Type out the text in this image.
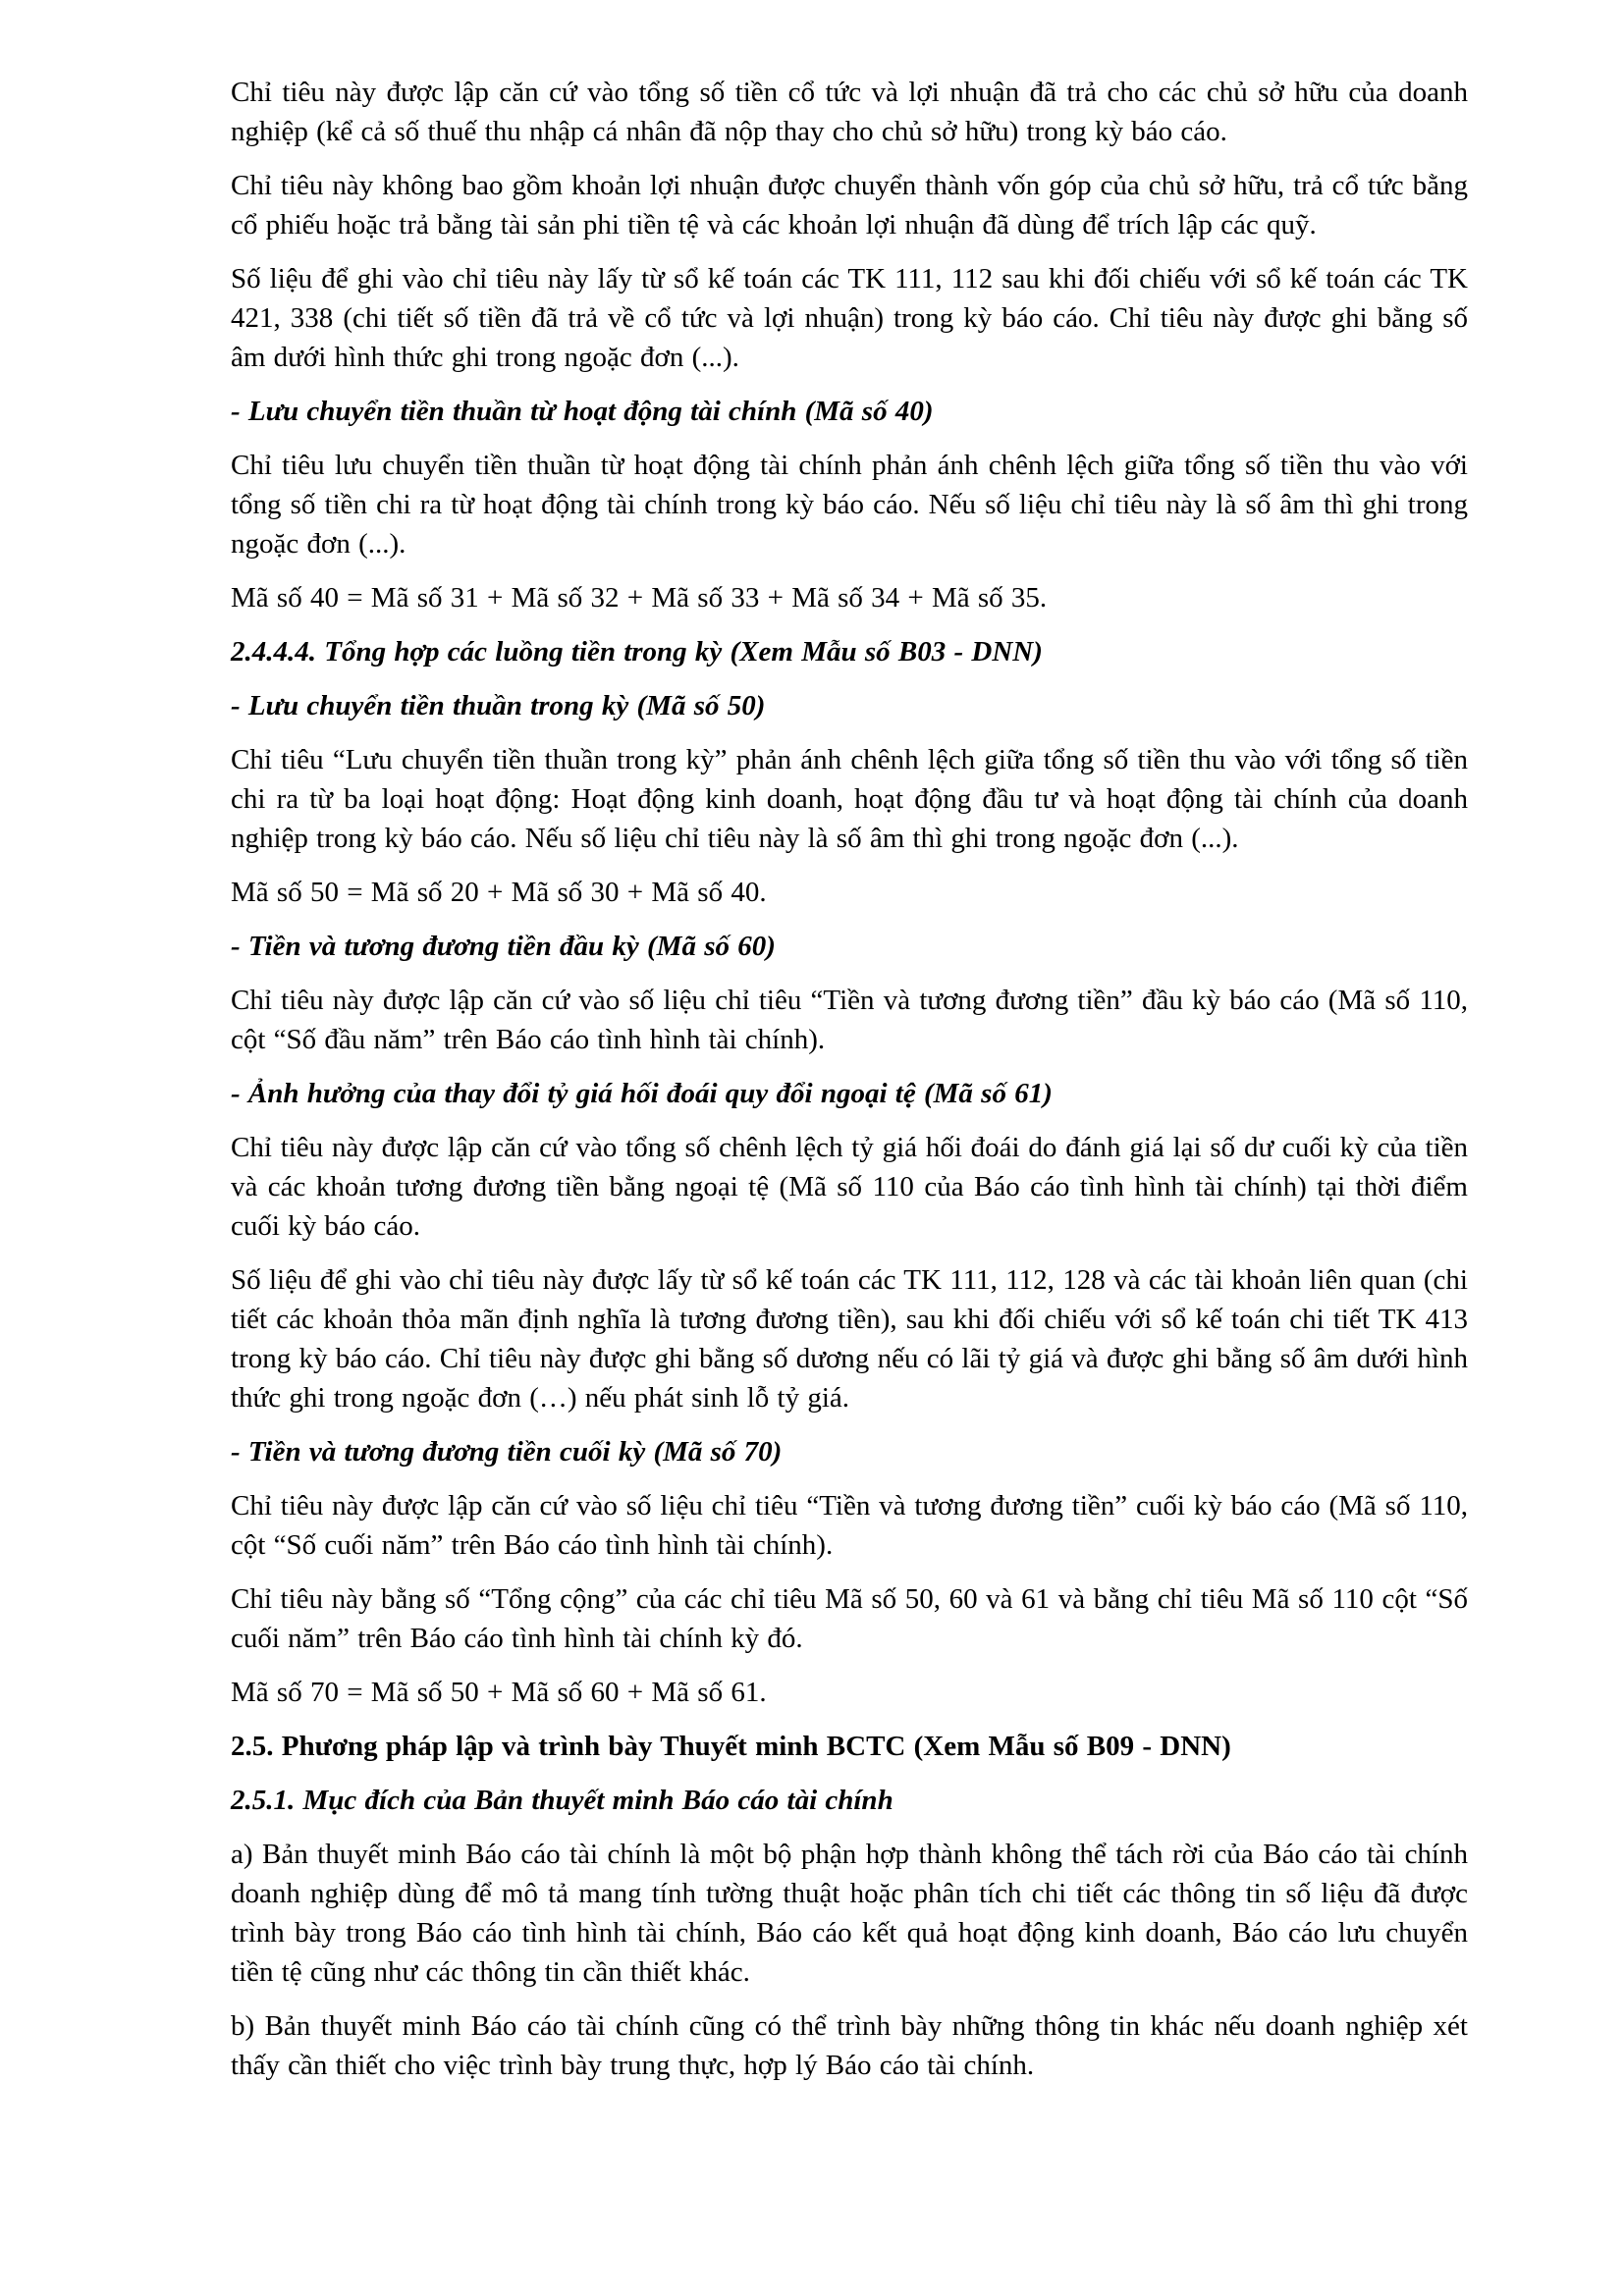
Chỉ tiêu này được lập căn cứ vào tổng số tiền cổ tức và lợi nhuận đã trả cho các chủ sở hữu của doanh nghiệp (kể cả số thuế thu nhập cá nhân đã nộp thay cho chủ sở hữu) trong kỳ báo cáo.

Chỉ tiêu này không bao gồm khoản lợi nhuận được chuyển thành vốn góp của chủ sở hữu, trả cổ tức bằng cổ phiếu hoặc trả bằng tài sản phi tiền tệ và các khoản lợi nhuận đã dùng để trích lập các quỹ.

Số liệu để ghi vào chỉ tiêu này lấy từ sổ kế toán các TK 111, 112 sau khi đối chiếu với sổ kế toán các TK 421, 338 (chi tiết số tiền đã trả về cổ tức và lợi nhuận) trong kỳ báo cáo. Chỉ tiêu này được ghi bằng số âm dưới hình thức ghi trong ngoặc đơn (...).

- Lưu chuyển tiền thuần từ hoạt động tài chính (Mã số 40)

Chỉ tiêu lưu chuyển tiền thuần từ hoạt động tài chính phản ánh chênh lệch giữa tổng số tiền thu vào với tổng số tiền chi ra từ hoạt động tài chính trong kỳ báo cáo. Nếu số liệu chỉ tiêu này là số âm thì ghi trong ngoặc đơn (...).

Mã số 40 = Mã số 31 + Mã số 32 + Mã số 33 + Mã số 34 + Mã số 35.

2.4.4.4. Tổng hợp các luồng tiền trong kỳ (Xem Mẫu số B03 - DNN)

- Lưu chuyển tiền thuần trong kỳ (Mã số 50)

Chỉ tiêu “Lưu chuyển tiền thuần trong kỳ” phản ánh chênh lệch giữa tổng số tiền thu vào với tổng số tiền chi ra từ ba loại hoạt động: Hoạt động kinh doanh, hoạt động đầu tư và hoạt động tài chính của doanh nghiệp trong kỳ báo cáo. Nếu số liệu chỉ tiêu này là số âm thì ghi trong ngoặc đơn (...).

Mã số 50 = Mã số 20 + Mã số 30 + Mã số 40.

- Tiền và tương đương tiền đầu kỳ (Mã số 60)

Chỉ tiêu này được lập căn cứ vào số liệu chỉ tiêu “Tiền và tương đương tiền” đầu kỳ báo cáo (Mã số 110, cột “Số đầu năm” trên Báo cáo tình hình tài chính).

- Ảnh hưởng của thay đổi tỷ giá hối đoái quy đổi ngoại tệ (Mã số 61)

Chỉ tiêu này được lập căn cứ vào tổng số chênh lệch tỷ giá hối đoái do đánh giá lại số dư cuối kỳ của tiền và các khoản tương đương tiền bằng ngoại tệ (Mã số 110 của Báo cáo tình hình tài chính) tại thời điểm cuối kỳ báo cáo.

Số liệu để ghi vào chỉ tiêu này được lấy từ sổ kế toán các TK 111, 112, 128 và các tài khoản liên quan (chi tiết các khoản thỏa mãn định nghĩa là tương đương tiền), sau khi đối chiếu với sổ kế toán chi tiết TK 413 trong kỳ báo cáo. Chỉ tiêu này được ghi bằng số dương nếu có lãi tỷ giá và được ghi bằng số âm dưới hình thức ghi trong ngoặc đơn (…) nếu phát sinh lỗ tỷ giá.

- Tiền và tương đương tiền cuối kỳ (Mã số 70)

Chỉ tiêu này được lập căn cứ vào số liệu chỉ tiêu “Tiền và tương đương tiền” cuối kỳ báo cáo (Mã số 110, cột “Số cuối năm” trên Báo cáo tình hình tài chính).

Chỉ tiêu này bằng số “Tổng cộng” của các chỉ tiêu Mã số 50, 60 và 61 và bằng chỉ tiêu Mã số 110 cột “Số cuối năm” trên Báo cáo tình hình tài chính kỳ đó.

Mã số 70 = Mã số 50 + Mã số 60 + Mã số 61.

2.5. Phương pháp lập và trình bày Thuyết minh BCTC (Xem Mẫu số B09 - DNN)

2.5.1. Mục đích của Bản thuyết minh Báo cáo tài chính

a) Bản thuyết minh Báo cáo tài chính là một bộ phận hợp thành không thể tách rời của Báo cáo tài chính doanh nghiệp dùng để mô tả mang tính tường thuật hoặc phân tích chi tiết các thông tin số liệu đã được trình bày trong Báo cáo tình hình tài chính, Báo cáo kết quả hoạt động kinh doanh, Báo cáo lưu chuyển tiền tệ cũng như các thông tin cần thiết khác.

b) Bản thuyết minh Báo cáo tài chính cũng có thể trình bày những thông tin khác nếu doanh nghiệp xét thấy cần thiết cho việc trình bày trung thực, hợp lý Báo cáo tài chính.
